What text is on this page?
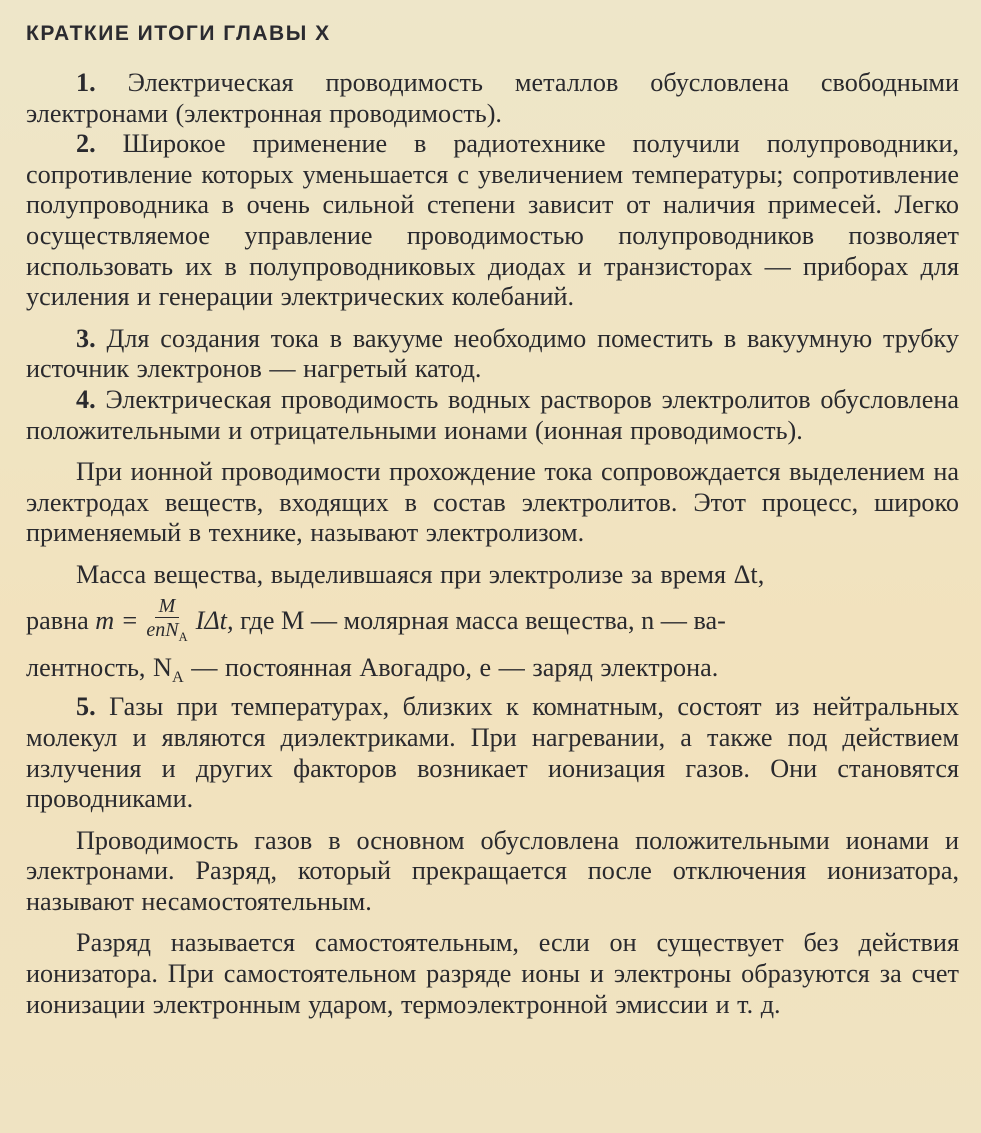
КРАТКИЕ ИТОГИ ГЛАВЫ X

1. Электрическая проводимость металлов обусловлена свободными электронами (электронная проводимость).

2. Широкое применение в радиотехнике получили полупроводники, сопротивление которых уменьшается с увеличением температуры; сопротивление полупроводника в очень сильной степени зависит от наличия примесей. Легко осуществляемое управление проводимостью полупроводников позволяет использовать их в полупроводниковых диодах и транзисторах — приборах для усиления и генерации электрических колебаний.

3. Для создания тока в вакууме необходимо поместить в вакуумную трубку источник электронов — нагретый катод.

4. Электрическая проводимость водных растворов электролитов обусловлена положительными и отрицательными ионами (ионная проводимость).

При ионной проводимости прохождение тока сопровождается выделением на электродах веществ, входящих в состав электролитов. Этот процесс, широко применяемый в технике, называют электролизом.

Масса вещества, выделившаяся при электролизе за время Δt,

равна
$m = \frac{M}{enN_A} I\Delta t$,
где M — молярная масса вещества, n — ва-

лентность, $N_A$ — постоянная Авогадро, e — заряд электрона.

5. Газы при температурах, близких к комнатным, состоят из нейтральных молекул и являются диэлектриками. При нагревании, а также под действием излучения и других факторов возникает ионизация газов. Они становятся проводниками.

Проводимость газов в основном обусловлена положительными ионами и электронами. Разряд, который прекращается после отключения ионизатора, называют несамостоятельным.

Разряд называется самостоятельным, если он существует без действия ионизатора. При самостоятельном разряде ионы и электроны образуются за счет ионизации электронным ударом, термоэлектронной эмиссии и т. д.
